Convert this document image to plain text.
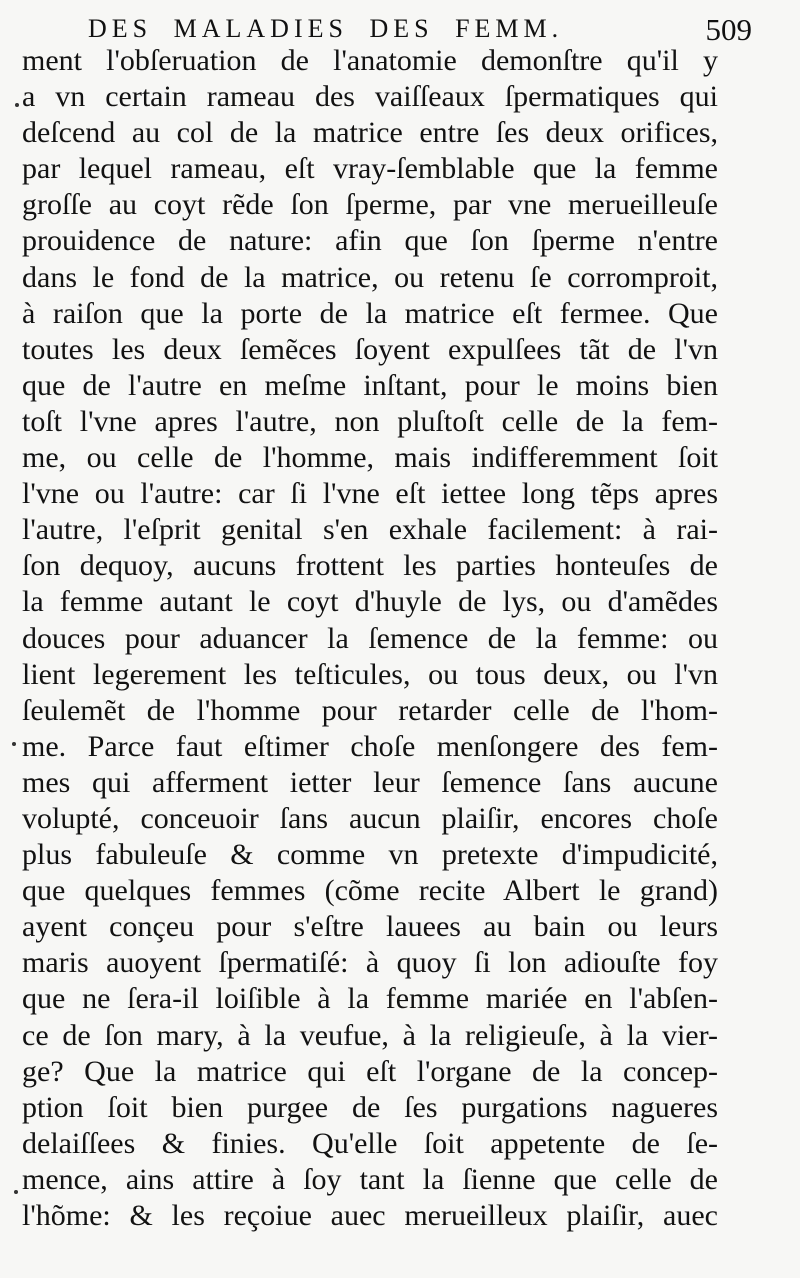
DES MALADIES DES FEMM.	509
ment l'obſeruation de l'anatomie demonſtre qu'il y
a vn certain rameau des vaiſſeaux ſpermatiques qui
deſcend au col de la matrice entre ſes deux orifices,
par lequel rameau, eſt vray-ſemblable que la femme
groſſe au coyt rẽde ſon ſperme, par vne merueilleuſe
prouidence de nature: afin que ſon ſperme n'entre
dans le fond de la matrice, ou retenu ſe corromproit,
à raiſon que la porte de la matrice eſt fermee. Que
toutes les deux ſemẽces ſoyent expulſees tãt de l'vn
que de l'autre en meſme inſtant, pour le moins bien
toſt l'vne apres l'autre, non pluſtoſt celle de la fem-
me, ou celle de l'homme, mais indifferemment ſoit
l'vne ou l'autre: car ſi l'vne eſt iettee long tẽps apres
l'autre, l'eſprit genital s'en exhale facilement: à rai-
ſon dequoy, aucuns frottent les parties honteuſes de
la femme autant le coyt d'huyle de lys, ou d'amẽdes
douces pour aduancer la ſemence de la femme: ou
lient legerement les teſticules, ou tous deux, ou l'vn
ſeulemẽt de l'homme pour retarder celle de l'hom-
me. Parce faut eſtimer choſe menſongere des fem-
mes qui afferment ietter leur ſemence ſans aucune
volupté, conceuoir ſans aucun plaiſir, encores choſe
plus fabuleuſe & comme vn pretexte d'impudicité,
que quelques femmes (cõme recite Albert le grand)
ayent conçeu pour s'eſtre lauees au bain ou leurs
maris auoyent ſpermatiſé: à quoy ſi lon adiouſte foy
que ne ſera-il loiſible à la femme mariée en l'abſen-
ce de ſon mary, à la veufue, à la religieuſe, à la vier-
ge? Que la matrice qui eſt l'organe de la concep-
ption ſoit bien purgee de ſes purgations nagueres
delaiſſees & finies. Qu'elle ſoit appetente de ſe-
mence, ains attire à ſoy tant la ſienne que celle de
l'hõme: & les reçoiue auec merueilleux plaiſir, auec
